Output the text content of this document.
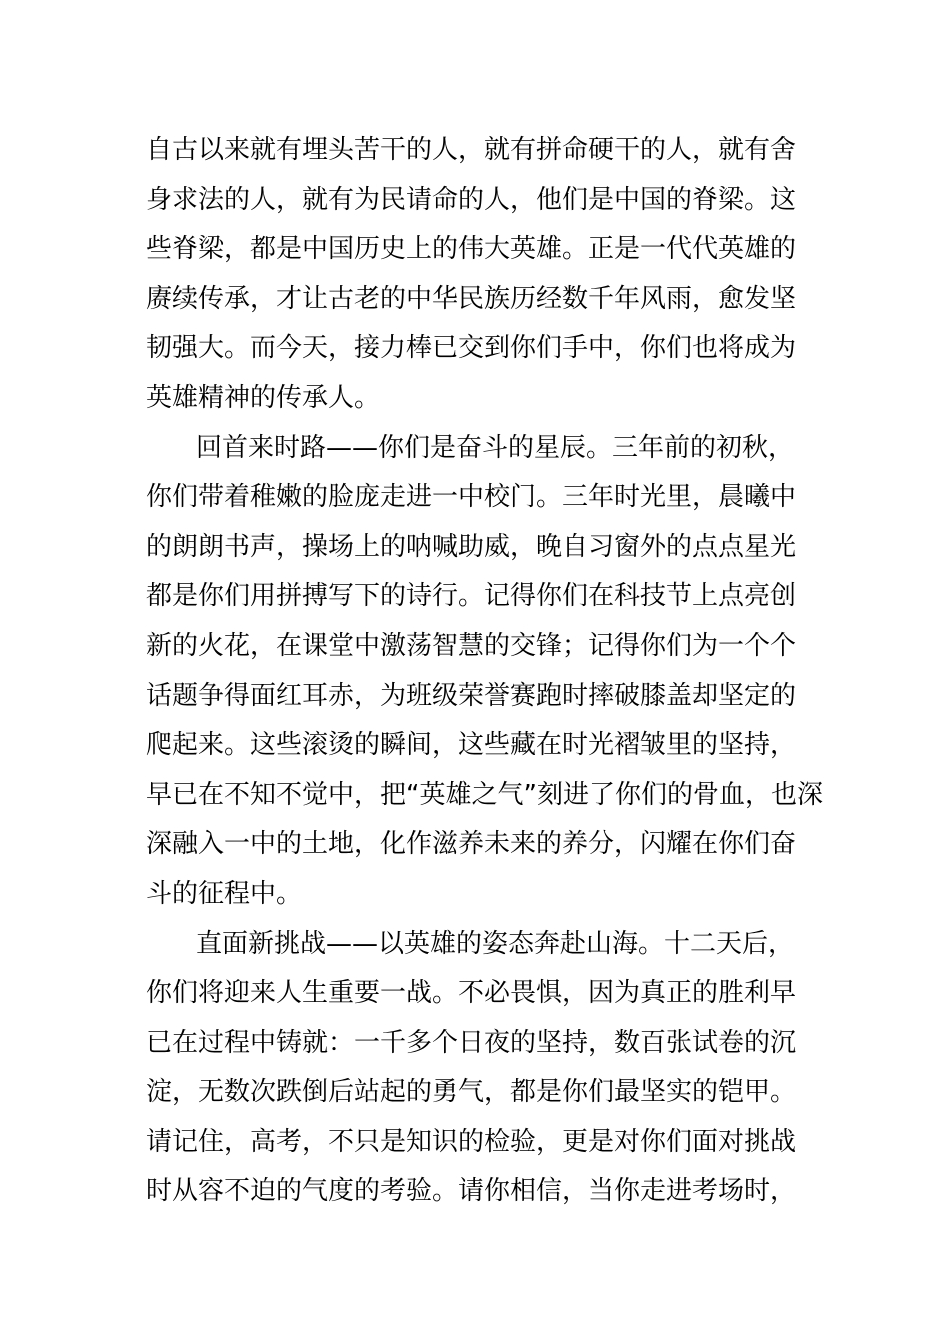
自古以来就有埋头苦干的人，就有拼命硬干的人，就有舍
身求法的人，就有为民请命的人，他们是中国的脊梁。这
些脊梁，都是中国历史上的伟大英雄。正是一代代英雄的
赓续传承，才让古老的中华民族历经数千年风雨，愈发坚
韧强大。而今天，接力棒已交到你们手中，你们也将成为
英雄精神的传承人。
回首来时路——你们是奋斗的星辰。三年前的初秋，
你们带着稚嫩的脸庞走进一中校门。三年时光里，晨曦中
的朗朗书声，操场上的呐喊助威，晚自习窗外的点点星光
都是你们用拼搏写下的诗行。记得你们在科技节上点亮创
新的火花，在课堂中激荡智慧的交锋；记得你们为一个个
话题争得面红耳赤，为班级荣誉赛跑时摔破膝盖却坚定的
爬起来。这些滚烫的瞬间，这些藏在时光褶皱里的坚持，
早已在不知不觉中，把“英雄之气”刻进了你们的骨血，也深
深融入一中的土地，化作滋养未来的养分，闪耀在你们奋
斗的征程中。
直面新挑战——以英雄的姿态奔赴山海。十二天后，
你们将迎来人生重要一战。不必畏惧，因为真正的胜利早
已在过程中铸就：一千多个日夜的坚持，数百张试卷的沉
淀，无数次跌倒后站起的勇气，都是你们最坚实的铠甲。
请记住，高考，不只是知识的检验，更是对你们面对挑战
时从容不迫的气度的考验。请你相信，当你走进考场时，
